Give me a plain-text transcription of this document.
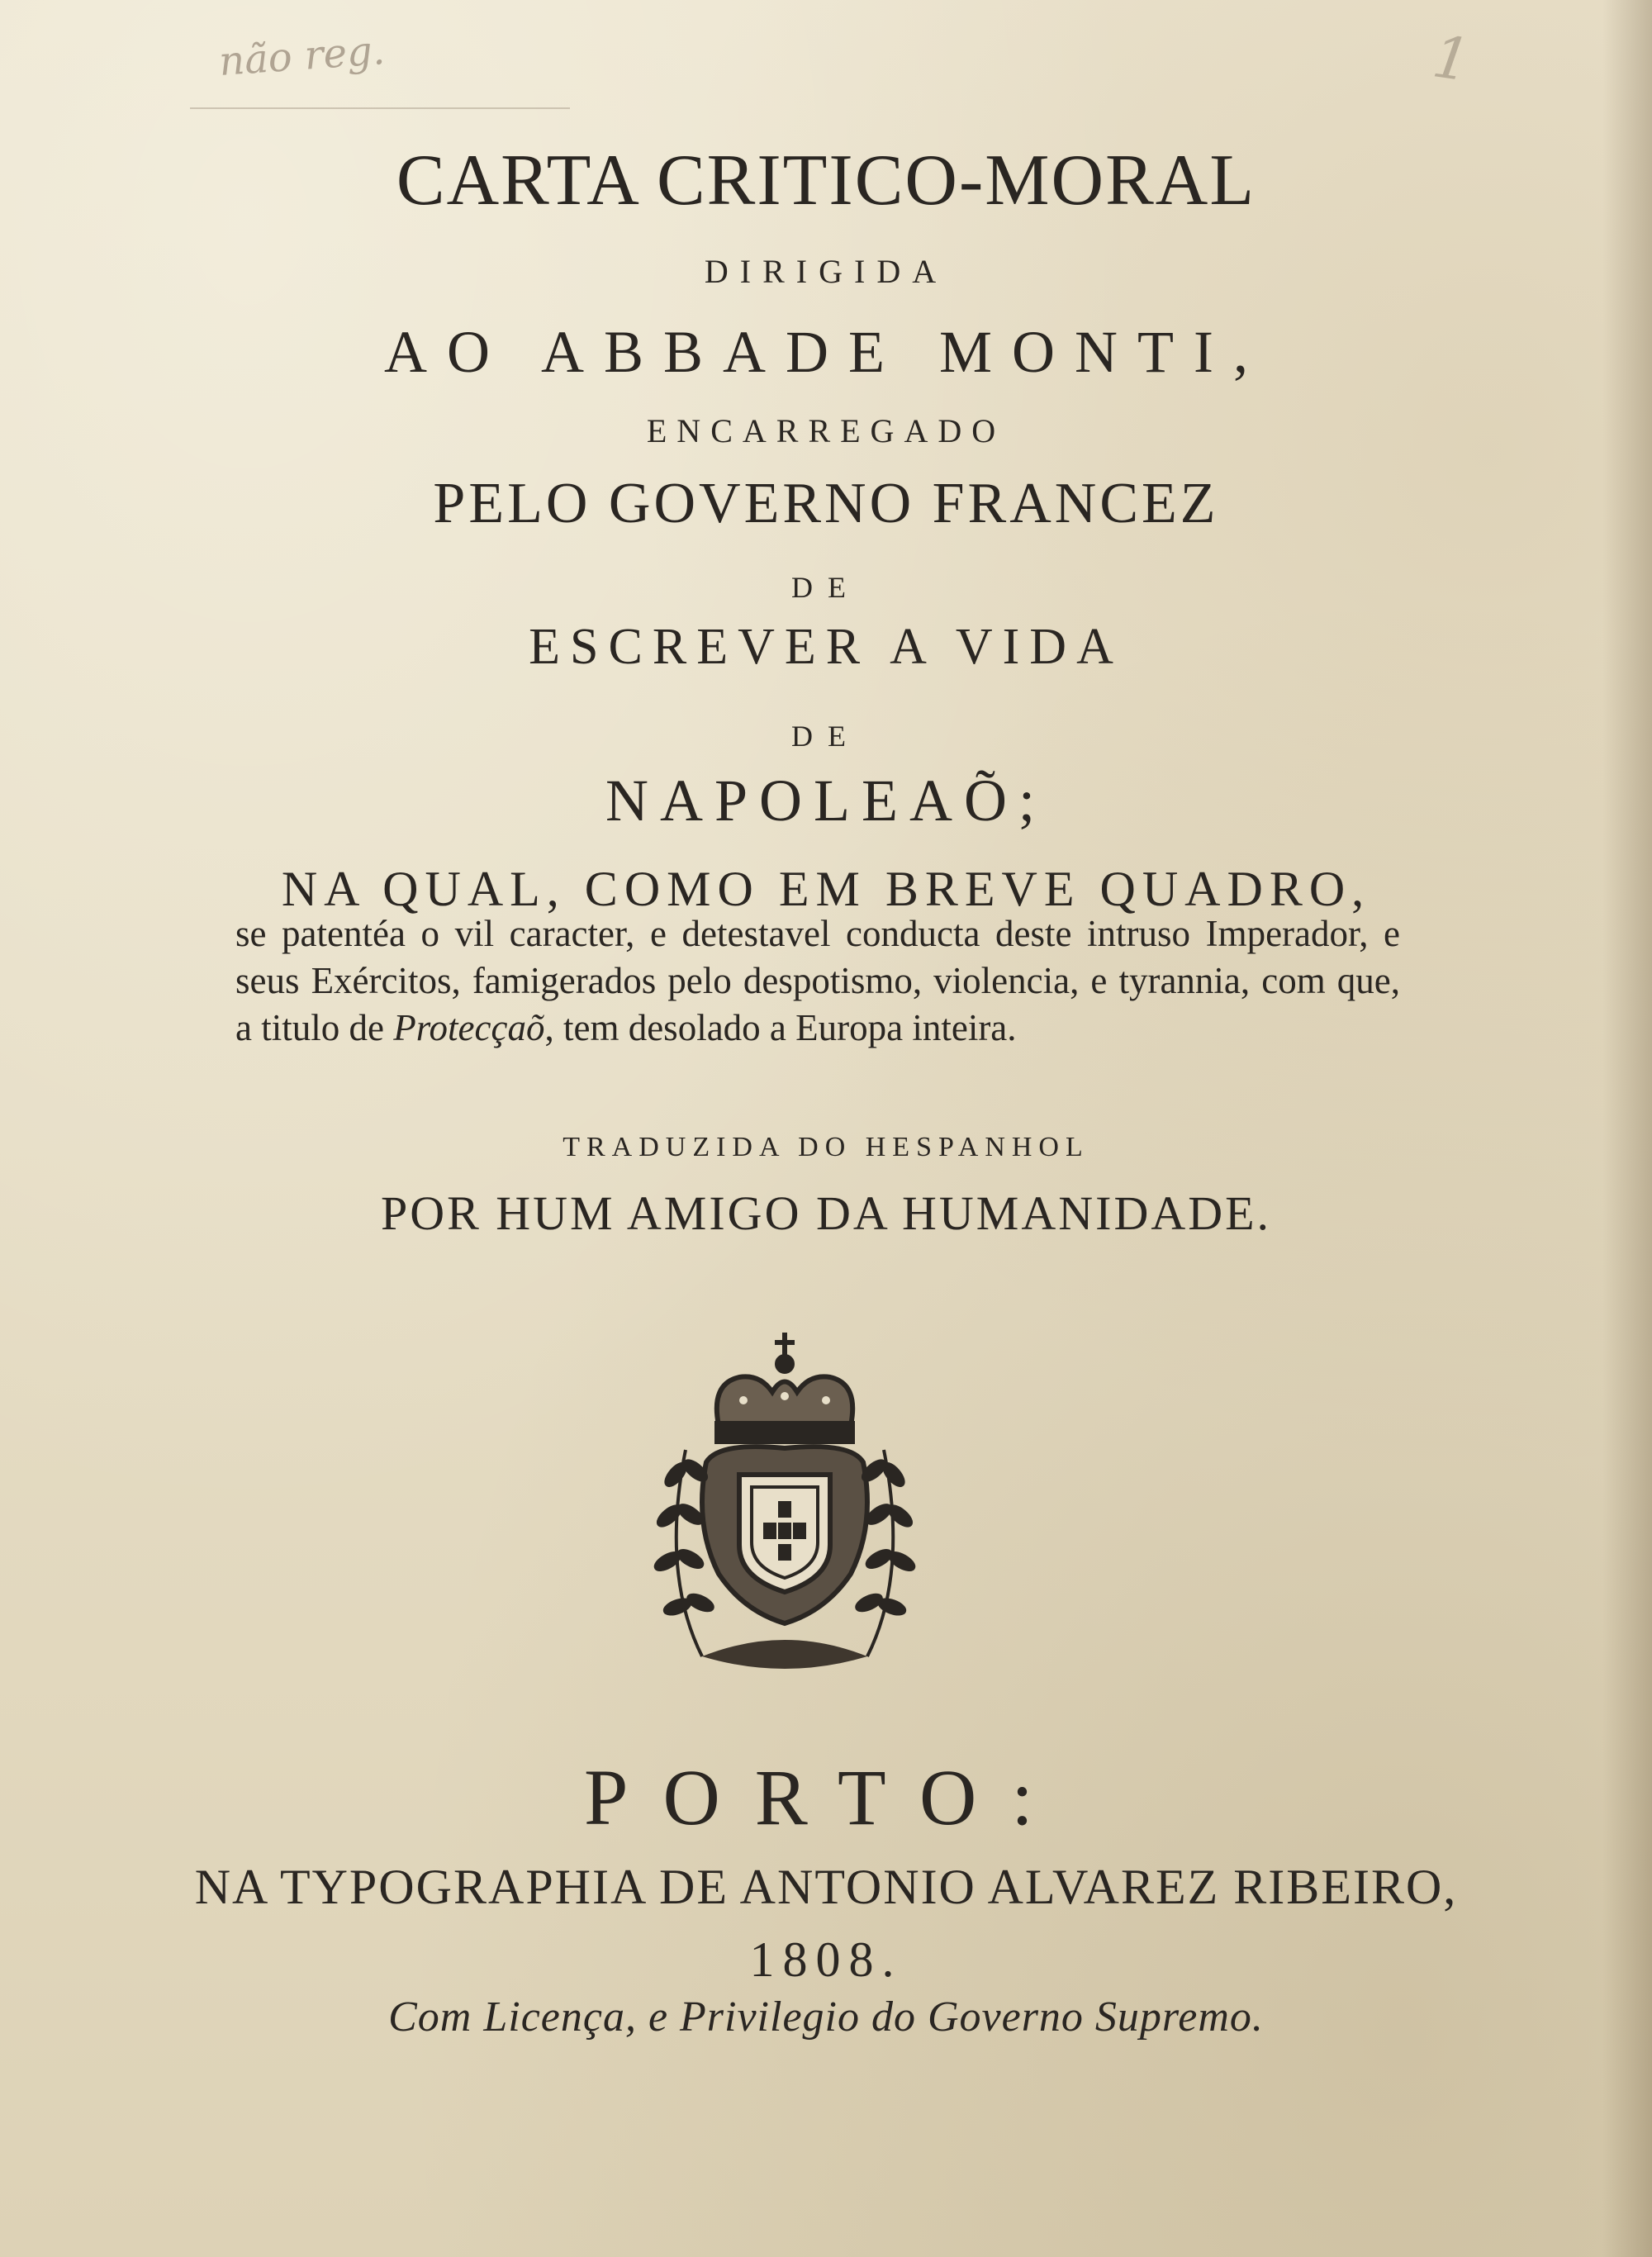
não reg.	1
CARTA CRITICO-MORAL
DIRIGIDA
AO ABBADE MONTI,
ENCARREGADO
PELO GOVERNO FRANCEZ
DE
ESCREVER A VIDA
DE
NAPOLEAÕ;
NA QUAL, COMO EM BREVE QUADRO,
se patentéa o vil caracter, e detestavel conducta deste intruso Imperador, e seus Exércitos, famigerados pelo despotismo, violencia, e tyrannia, com que, a titulo de Protecçaõ, tem desolado a Europa inteira.
TRADUZIDA DO HESPANHOL
POR HUM AMIGO DA HUMANIDADE.
PORTO:
NA TYPOGRAPHIA DE ANTONIO ALVAREZ RIBEIRO,
1808.
Com Licença, e Privilegio do Governo Supremo.
